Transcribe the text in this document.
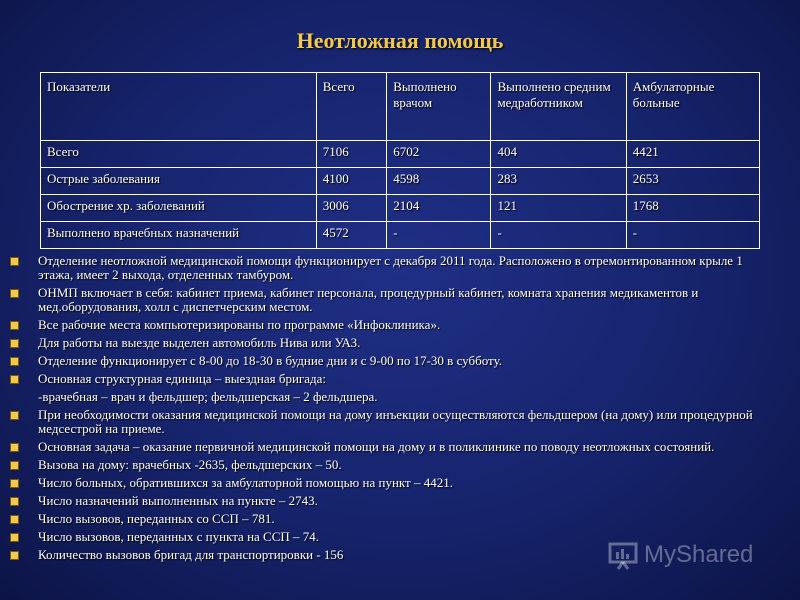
Неотложная помощь
Показатели	Всего	Выполнено врачом	Выполнено средним медработником	Амбулаторные больные
Всего	7106	6702	404	4421
Острые заболевания	4100	4598	283	2653
Обострение хр. заболеваний	3006	2104	121	1768
Выполнено врачебных назначений	4572	-	-	-
Отделение неотложной медицинской помощи функционирует с декабря 2011 года. Расположено в отремонтированном крыле 1 этажа, имеет 2 выхода, отделенных тамбуром.
ОНМП включает в себя: кабинет приема, кабинет персонала, процедурный кабинет, комната хранения медикаментов и мед.оборудования, холл с диспетчерским местом.
Все рабочие места компьютеризированы по программе «Инфоклиника».
Для работы на выезде выделен автомобиль Нива или УАЗ.
Отделение функционирует с 8-00 до 18-30 в будние дни и с 9-00 по 17-30 в субботу.
Основная структурная единица – выездная бригада:
-врачебная – врач и фельдшер; фельдшерская – 2 фельдшера.
При необходимости оказания медицинской помощи на дому инъекции осуществляются фельдшером (на дому) или процедурной медсестрой на приеме.
Основная задача – оказание первичной медицинской помощи на дому и в поликлинике по поводу неотложных состояний.
Вызова на дому: врачебных -2635, фельдшерских – 50.
Число больных, обратившихся за амбулаторной помощью на пункт – 4421.
Число назначений выполненных на пункте – 2743.
Число вызовов, переданных со ССП – 781.
Число вызовов, переданных с пункта на ССП – 74.
Количество вызовов бригад для транспортировки - 156	MyShared
